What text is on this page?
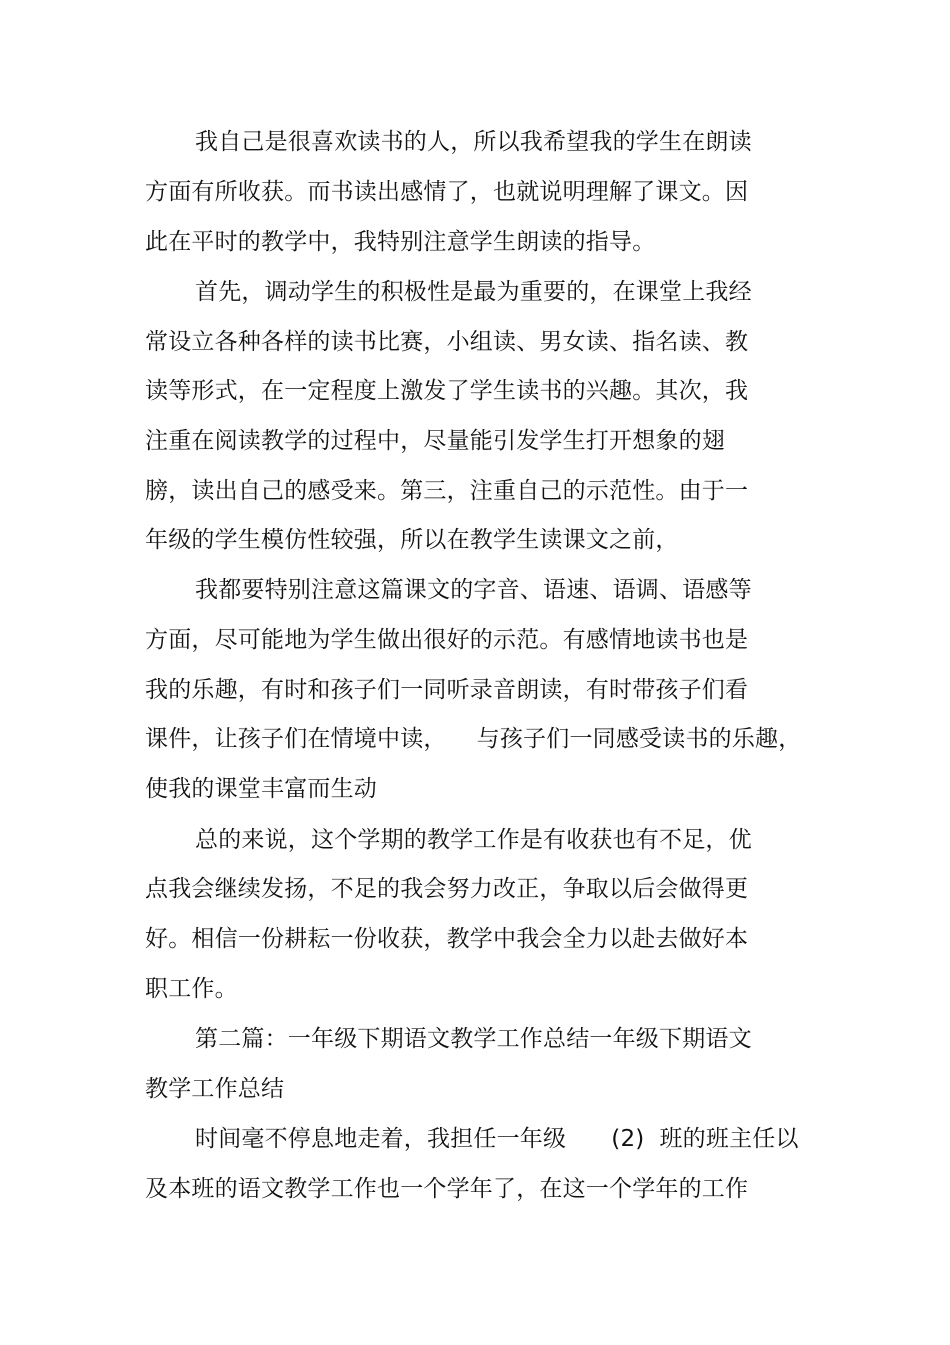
我自己是很喜欢读书的人，所以我希望我的学生在朗读
方面有所收获。而书读出感情了，也就说明理解了课文。因
此在平时的教学中，我特别注意学生朗读的指导。
首先，调动学生的积极性是最为重要的，在课堂上我经
常设立各种各样的读书比赛，小组读、男女读、指名读、教
读等形式，在一定程度上激发了学生读书的兴趣。其次，我
注重在阅读教学的过程中，尽量能引发学生打开想象的翅
膀，读出自己的感受来。第三，注重自己的示范性。由于一
年级的学生模仿性较强，所以在教学生读课文之前，
我都要特别注意这篇课文的字音、语速、语调、语感等
方面，尽可能地为学生做出很好的示范。有感情地读书也是
我的乐趣，有时和孩子们一同听录音朗读，有时带孩子们看
课件，让孩子们在情境中读，    与孩子们一同感受读书的乐趣，
使我的课堂丰富而生动
总的来说，这个学期的教学工作是有收获也有不足，优
点我会继续发扬，不足的我会努力改正，争取以后会做得更
好。相信一份耕耘一份收获，教学中我会全力以赴去做好本
职工作。
第二篇：一年级下期语文教学工作总结一年级下期语文
教学工作总结
时间毫不停息地走着，我担任一年级      (2)  班的班主任以
及本班的语文教学工作也一个学年了，在这一个学年的工作
